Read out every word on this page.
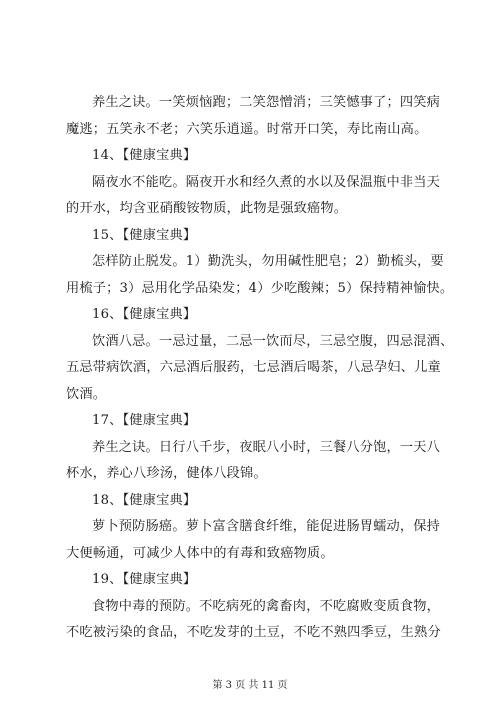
养生之诀。一笑烦恼跑；二笑怨憎消；三笑憾事了；四笑病
魔逃；五笑永不老；六笑乐逍遥。时常开口笑，寿比南山高。
14、【健康宝典】
隔夜水不能吃。隔夜开水和经久煮的水以及保温瓶中非当天
的开水，均含亚硝酸铵物质，此物是强致癌物。
15、【健康宝典】
怎样防止脱发。1）勤洗头，勿用碱性肥皂；2）勤梳头，要
用梳子；3）忌用化学品染发；4）少吃酸辣；5）保持精神愉快。
16、【健康宝典】
饮酒八忌。一忌过量，二忌一饮而尽，三忌空腹，四忌混酒、
五忌带病饮酒，六忌酒后服药，七忌酒后喝茶，八忌孕妇、儿童
饮酒。
17、【健康宝典】
养生之诀。日行八千步，夜眠八小时，三餐八分饱，一天八
杯水，养心八珍汤，健体八段锦。
18、【健康宝典】
萝卜预防肠癌。萝卜富含膳食纤维，能促进肠胃蠕动，保持
大便畅通，可减少人体中的有毒和致癌物质。
19、【健康宝典】
食物中毒的预防。不吃病死的禽畜肉，不吃腐败变质食物，
不吃被污染的食品，不吃发芽的土豆，不吃不熟四季豆，生熟分
第 3 页 共 11 页
